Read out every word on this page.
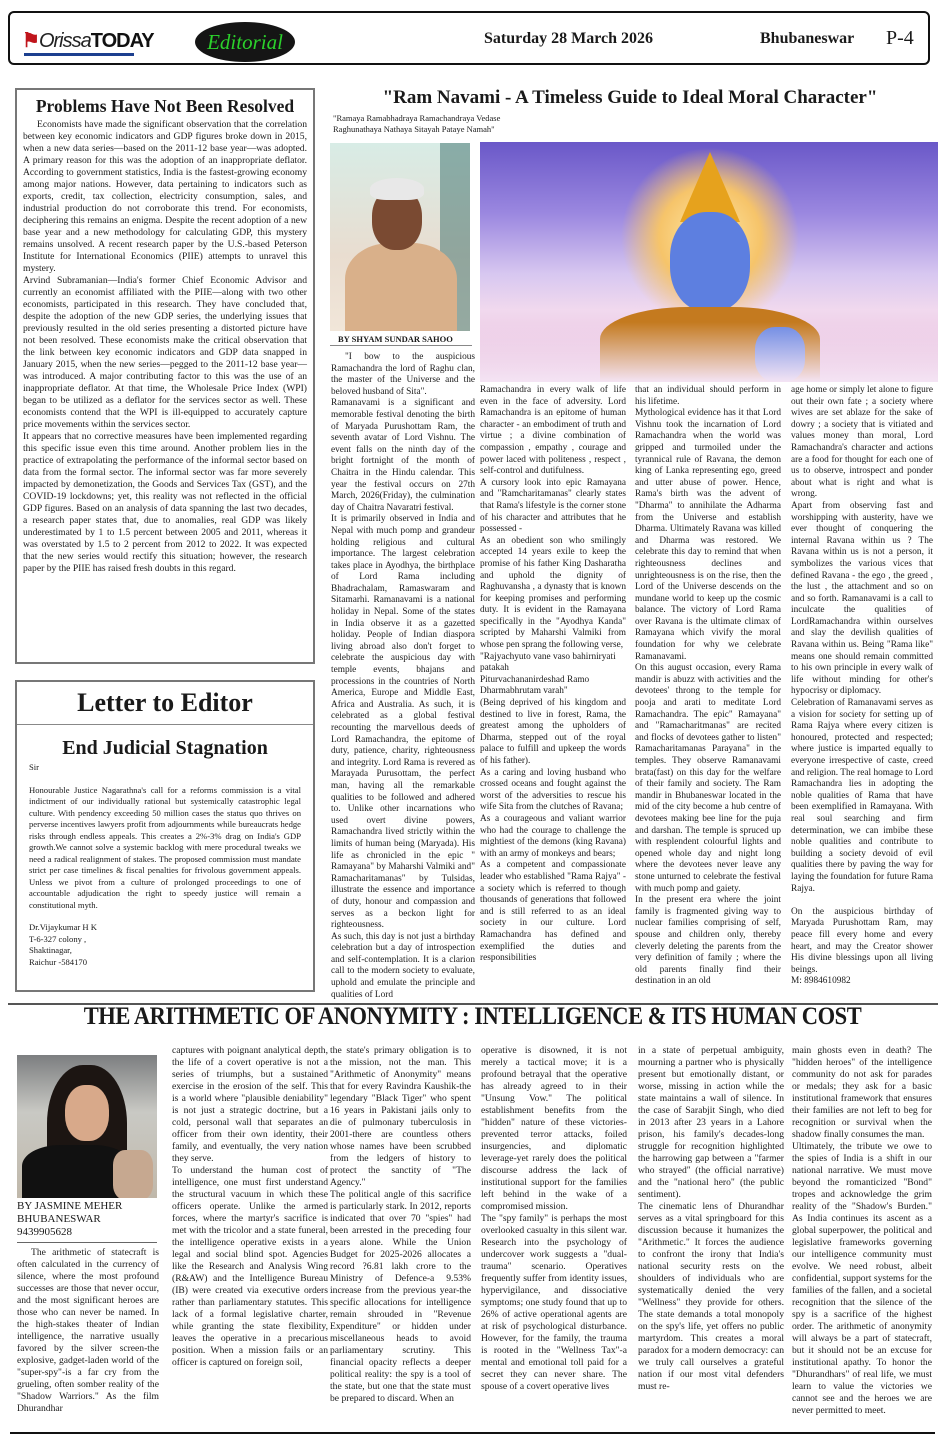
⚑OrissaTODAY	Editorial	Saturday 28 March 2026	Bhubaneswar P-4
Problems Have Not Been Resolved

Economists have made the significant observation that the correlation between key economic indicators and GDP figures broke down in 2015, when a new data series—based on the 2011-12 base year—was adopted. A primary reason for this was the adoption of an inappropriate deflator. According to government statistics, India is the fastest-growing economy among major nations. However, data pertaining to indicators such as exports, credit, tax collection, electricity consumption, sales, and industrial production do not corroborate this trend. For economists, deciphering this remains an enigma. Despite the recent adoption of a new base year and a new methodology for calculating GDP, this mystery remains unsolved. A recent research paper by the U.S.-based Peterson Institute for International Economics (PIIE) attempts to unravel this mystery.

Arvind Subramanian—India's former Chief Economic Advisor and currently an economist affiliated with the PIIE—along with two other economists, participated in this research. They have concluded that, despite the adoption of the new GDP series, the underlying issues that previously resulted in the old series presenting a distorted picture have not been resolved. These economists make the critical observation that the link between key economic indicators and GDP data snapped in January 2015, when the new series—pegged to the 2011-12 base year—was introduced. A major contributing factor to this was the use of an inappropriate deflator. At that time, the Wholesale Price Index (WPI) began to be utilized as a deflator for the services sector as well. These economists contend that the WPI is ill-equipped to accurately capture price movements within the services sector.

It appears that no corrective measures have been implemented regarding this specific issue even this time around. Another problem lies in the practice of extrapolating the performance of the informal sector based on data from the formal sector. The informal sector was far more severely impacted by demonetization, the Goods and Services Tax (GST), and the COVID-19 lockdowns; yet, this reality was not reflected in the official GDP figures. Based on an analysis of data spanning the last two decades, a research paper states that, due to anomalies, real GDP was likely underestimated by 1 to 1.5 percent between 2005 and 2011, whereas it was overstated by 1.5 to 2 percent from 2012 to 2022. It was expected that the new series would rectify this situation; however, the research paper by the PIIE has raised fresh doubts in this regard.

Letter to Editor
End Judicial Stagnation

Sir

Honourable Justice Nagarathna's call for a reforms commission is a vital indictment of our individually rational but systemically catastrophic legal culture. With pendency exceeding 50 million cases the status quo thrives on perverse incentives lawyers profit from adjournments while bureaucrats hedge risks through endless appeals. This creates a 2%-3% drag on India's GDP growth.We cannot solve a systemic backlog with mere procedural tweaks we need a radical realignment of stakes. The proposed commission must mandate strict per case timelines & fiscal penalties for frivolous government appeals. Unless we pivot from a culture of prolonged proceedings to one of accountable adjudication the right to speedy justice will remain a constitutional myth.

Dr.Vijaykumar H K

T-6-327 colony ,

Shaktinagar,

Raichur -584170

"Ram Navami - A Timeless Guide to Ideal Moral Character"
"Ramaya Ramabhadraya Ramachandraya Vedase
Raghunathaya Nathaya Sitayah Pataye Namah"
BY SHYAM SUNDAR SAHOO

"I bow to the auspicious Ramachandra the lord of Raghu clan, the master of the Universe and the beloved husband of Sita".

Ramanavami is a significant and memorable festival denoting the birth of Maryada Purushottam Ram, the seventh avatar of Lord Vishnu. The event falls on the ninth day of the bright fortnight of the month of Chaitra in the Hindu calendar. This year the festival occurs on 27th March, 2026(Friday), the culmination day of Chaitra Navaratri festival.

It is primarily observed in India and Nepal with much pomp and grandeur holding religious and cultural importance. The largest celebration takes place in Ayodhya, the birthplace of Lord Rama including Bhadrachalam, Ramaswaram and Sitamarhi. Ramanavami is a national holiday in Nepal. Some of the states in India observe it as a gazetted holiday. People of Indian diaspora living abroad also don't forget to celebrate the auspicious day with temple events, bhajans and processions in the countries of North America, Europe and Middle East, Africa and Australia. As such, it is celebrated as a global festival recounting the marvellous deeds of Lord Ramachandra, the epitome of duty, patience, charity, righteousness and integrity. Lord Rama is revered as Marayada Purusottam, the perfect man, having all the remarkable qualities to be followed and adhered to. Unlike other incarnations who used overt divine powers, Ramachandra lived strictly within the limits of human being (Maryada). His life as chronicled in the epic " Ramayana" by Maharshi Valmiki and" Ramacharitamanas" by Tulsidas, illustrate the essence and importance of duty, honour and compassion and serves as a beckon light for righteousness.

As such, this day is not just a birthday celebration but a day of introspection and self-contemplation. It is a clarion call to the modern society to evaluate, uphold and emulate the principle and qualities of Lord

Ramachandra in every walk of life even in the face of adversity. Lord Ramachandra is an epitome of human character - an embodiment of truth and virtue ; a divine combination of compassion , empathy , courage and power laced with politeness , respect , self-control and dutifulness.

A cursory look into epic Ramayana and "Ramcharitamanas" clearly states that Rama's lifestyle is the corner stone of his character and attributes that he possessed -

As an obedient son who smilingly accepted 14 years exile to keep the promise of his father King Dasharatha and uphold the dignity of Raghuvansha , a dynasty that is known for keeping promises and performing duty. It is evident in the Ramayana specifically in the "Ayodhya Kanda" scripted by Maharshi Valmiki from whose pen sprang the following verse,

"Rajyachyuto vane vaso bahirniryati patakah

Piturvachananirdeshad Ramo

Dharmabhrutam varah"

(Being deprived of his kingdom and destined to live in forest, Rama, the greatest among the upholders of Dharma, stepped out of the royal palace to fulfill and upkeep the words of his father).

As a caring and loving husband who crossed oceans and fought against the worst of the adversities to rescue his wife Sita from the clutches of Ravana;

As a courageous and valiant warrior who had the courage to challenge the mightiest of the demons (king Ravana) with an army of monkeys and bears;

As a competent and compassionate leader who established "Rama Rajya" - a society which is referred to though thousands of generations that followed and is still referred to as an ideal society in our culture. Lord Ramachandra has defined and exemplified the duties and responsibilities

that an individual should perform in his lifetime.

Mythological evidence has it that Lord Vishnu took the incarnation of Lord Ramachandra when the world was gripped and turmoiled under the tyrannical rule of Ravana, the demon king of Lanka representing ego, greed and utter abuse of power. Hence, Rama's birth was the advent of "Dharma" to annihilate the Adharma from the Universe and establish Dharma. Ultimately Ravana was killed and Dharma was restored. We celebrate this day to remind that when righteousness declines and unrighteousness is on the rise, then the Lord of the Universe descends on the mundane world to keep up the cosmic balance. The victory of Lord Rama over Ravana is the ultimate climax of Ramayana which vivify the moral foundation for why we celebrate Ramanavami.

On this august occasion, every Rama mandir is abuzz with activities and the devotees' throng to the temple for pooja and arati to meditate Lord Ramachandra. The epic" Ramayana" and "Ramacharitmanas" are recited and flocks of devotees gather to listen" Ramacharitamanas Parayana" in the temples. They observe Ramanavami brata(fast) on this day for the welfare of their family and society. The Ram mandir in Bhubaneswar located in the mid of the city become a hub centre of devotees making bee line for the puja and darshan. The temple is spruced up with resplendent colourful lights and opened whole day and night long where the devotees never leave any stone unturned to celebrate the festival with much pomp and gaiety.

In the present era where the joint family is fragmented giving way to nuclear families comprising of self, spouse and children only, thereby cleverly deleting the parents from the very definition of family ; where the old parents finally find their destination in an old

age home or simply let alone to figure out their own fate ; a society where wives are set ablaze for the sake of dowry ; a society that is vitiated and values money than moral, Lord Ramachandra's character and actions are a food for thought for each one of us to observe, introspect and ponder about what is right and what is wrong.

Apart from observing fast and worshipping with austerity, have we ever thought of conquering the internal Ravana within us ? The Ravana within us is not a person, it symbolizes the various vices that defined Ravana - the ego , the greed , the lust , the attachment and so on and so forth. Ramanavami is a call to inculcate the qualities of LordRamachandra within ourselves and slay the devilish qualities of Ravana within us. Being "Rama like" means one should remain committed to his own principle in every walk of life without minding for other's hypocrisy or diplomacy.

Celebration of Ramanavami serves as a vision for society for setting up of Rama Rajya where every citizen is honoured, protected and respected; where justice is imparted equally to everyone irrespective of caste, creed and religion. The real homage to Lord Ramachandra lies in adopting the noble qualities of Rama that have been exemplified in Ramayana. With real soul searching and firm determination, we can imbibe these noble qualities and contribute to building a society devoid of evil qualities there by paving the way for laying the foundation for future Rama Rajya.

On the auspicious birthday of Maryada Purushottam Ram, may peace fill every home and every heart, and may the Creator shower His divine blessings upon all living beings.

M: 8984610982

THE ARITHMETIC OF ANONYMITY : INTELLIGENCE & ITS HUMAN COST
BY JASMINE MEHER
BHUBANESWAR
9439905628

The arithmetic of statecraft is often calculated in the currency of silence, where the most profound successes are those that never occur, and the most significant heroes are those who can never be named. In the high-stakes theater of Indian intelligence, the narrative usually favored by the silver screen-the explosive, gadget-laden world of the "super-spy"-is a far cry from the grueling, often somber reality of the "Shadow Warriors." As the film Dhurandhar

captures with poignant analytical depth, the life of a covert operative is not a series of triumphs, but a sustained exercise in the erosion of the self. This is a world where "plausible deniability" is not just a strategic doctrine, but a cold, personal wall that separates an officer from their own identity, their family, and eventually, the very nation they serve.

To understand the human cost of intelligence, one must first understand the structural vacuum in which these officers operate. Unlike the armed forces, where the martyr's sacrifice is met with the tricolor and a state funeral, the intelligence operative exists in a legal and social blind spot. Agencies like the Research and Analysis Wing (R&AW) and the Intelligence Bureau (IB) were created via executive orders rather than parliamentary statutes. This lack of a formal legislative charter, while granting the state flexibility, leaves the operative in a precarious position. When a mission fails or an officer is captured on foreign soil,

the state's primary obligation is to the mission, not the man. This "Arithmetic of Anonymity" means that for every Ravindra Kaushik-the legendary "Black Tiger" who spent 16 years in Pakistani jails only to die of pulmonary tuberculosis in 2001-there are countless others whose names have been scrubbed from the ledgers of history to protect the sanctity of "The Agency."

The political angle of this sacrifice is particularly stark. In 2012, reports indicated that over 70 "spies" had been arrested in the preceding four years alone. While the Union Budget for 2025-2026 allocates a record ?6.81 lakh crore to the Ministry of Defence-a 9.53% increase from the previous year-the specific allocations for intelligence remain shrouded in "Revenue Expenditure" or hidden under miscellaneous heads to avoid parliamentary scrutiny. This financial opacity reflects a deeper political reality: the spy is a tool of the state, but one that the state must be prepared to discard. When an

operative is disowned, it is not merely a tactical move; it is a profound betrayal that the operative has already agreed to in their "Unsung Vow." The political establishment benefits from the "hidden" nature of these victories-prevented terror attacks, foiled insurgencies, and diplomatic leverage-yet rarely does the political discourse address the lack of institutional support for the families left behind in the wake of a compromised mission.

The "spy family" is perhaps the most overlooked casualty in this silent war. Research into the psychology of undercover work suggests a "dual-trauma" scenario. Operatives frequently suffer from identity issues, hypervigilance, and dissociative symptoms; one study found that up to 26% of active operational agents are at risk of psychological disturbance. However, for the family, the trauma is rooted in the "Wellness Tax"-a mental and emotional toll paid for a secret they can never share. The spouse of a covert operative lives

in a state of perpetual ambiguity, mourning a partner who is physically present but emotionally distant, or worse, missing in action while the state maintains a wall of silence. In the case of Sarabjit Singh, who died in 2013 after 23 years in a Lahore prison, his family's decades-long struggle for recognition highlighted the harrowing gap between a "farmer who strayed" (the official narrative) and the "national hero" (the public sentiment).

The cinematic lens of Dhurandhar serves as a vital springboard for this discussion because it humanizes the "Arithmetic." It forces the audience to confront the irony that India's national security rests on the shoulders of individuals who are systematically denied the very "Wellness" they provide for others. The state demands a total monopoly on the spy's life, yet offers no public martyrdom. This creates a moral paradox for a modern democracy: can we truly call ourselves a grateful nation if our most vital defenders must re-

main ghosts even in death? The "hidden heroes" of the intelligence community do not ask for parades or medals; they ask for a basic institutional framework that ensures their families are not left to beg for recognition or survival when the shadow finally consumes the man.

Ultimately, the tribute we owe to the spies of India is a shift in our national narrative. We must move beyond the romanticized "Bond" tropes and acknowledge the grim reality of the "Shadow's Burden." As India continues its ascent as a global superpower, the political and legislative frameworks governing our intelligence community must evolve. We need robust, albeit confidential, support systems for the families of the fallen, and a societal recognition that the silence of the spy is a sacrifice of the highest order. The arithmetic of anonymity will always be a part of statecraft, but it should not be an excuse for institutional apathy. To honor the "Dhurandhars" of real life, we must learn to value the victories we cannot see and the heroes we are never permitted to meet.
